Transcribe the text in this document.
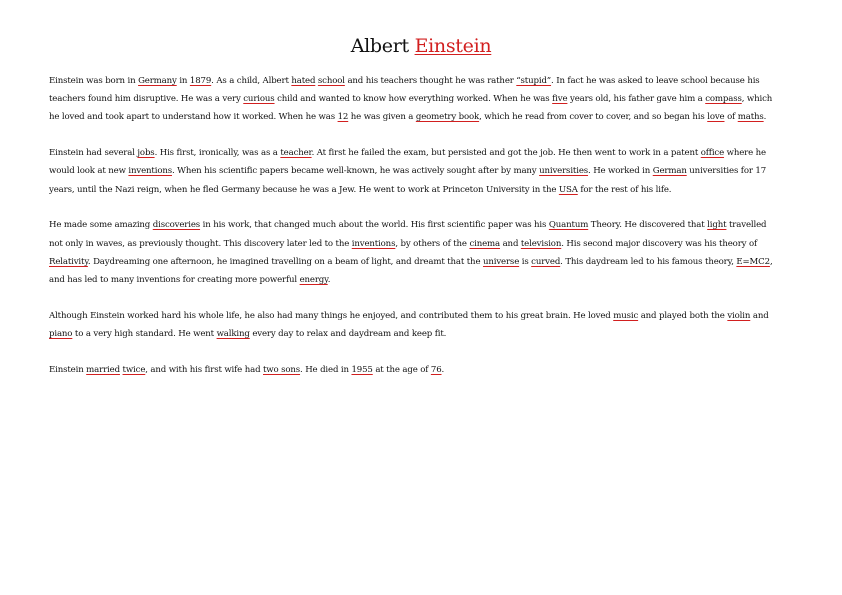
Albert Einstein

Einstein was born in Germany in 1879. As a child, Albert hated school and his teachers thought he was rather “stupid”. In fact he was asked to leave school because his teachers found him disruptive. He was a very curious child and wanted to know how everything worked. When he was five years old, his father gave him a compass, which he loved and took apart to understand how it worked. When he was 12 he was given a geometry book, which he read from cover to cover, and so began his love of maths.

Einstein had several jobs. His first, ironically, was as a teacher. At first he failed the exam, but persisted and got the job. He then went to work in a patent office where he would look at new inventions. When his scientific papers became well-known, he was actively sought after by many universities. He worked in German universities for 17 years, until the Nazi reign, when he fled Germany because he was a Jew. He went to work at Princeton University in the USA for the rest of his life.

He made some amazing discoveries in his work, that changed much about the world. His first scientific paper was his Quantum Theory. He discovered that light travelled not only in waves, as previously thought. This discovery later led to the inventions, by others of the cinema and television. His second major discovery was his theory of Relativity. Daydreaming one afternoon, he imagined travelling on a beam of light, and dreamt that the universe is curved. This daydream led to his famous theory, E=MC2, and has led to many inventions for creating more powerful energy.

Although Einstein worked hard his whole life, he also had many things he enjoyed, and contributed them to his great brain. He loved music and played both the violin and piano to a very high standard. He went walking every day to relax and daydream and keep fit.

Einstein married twice, and with his first wife had two sons. He died in 1955 at the age of 76.
